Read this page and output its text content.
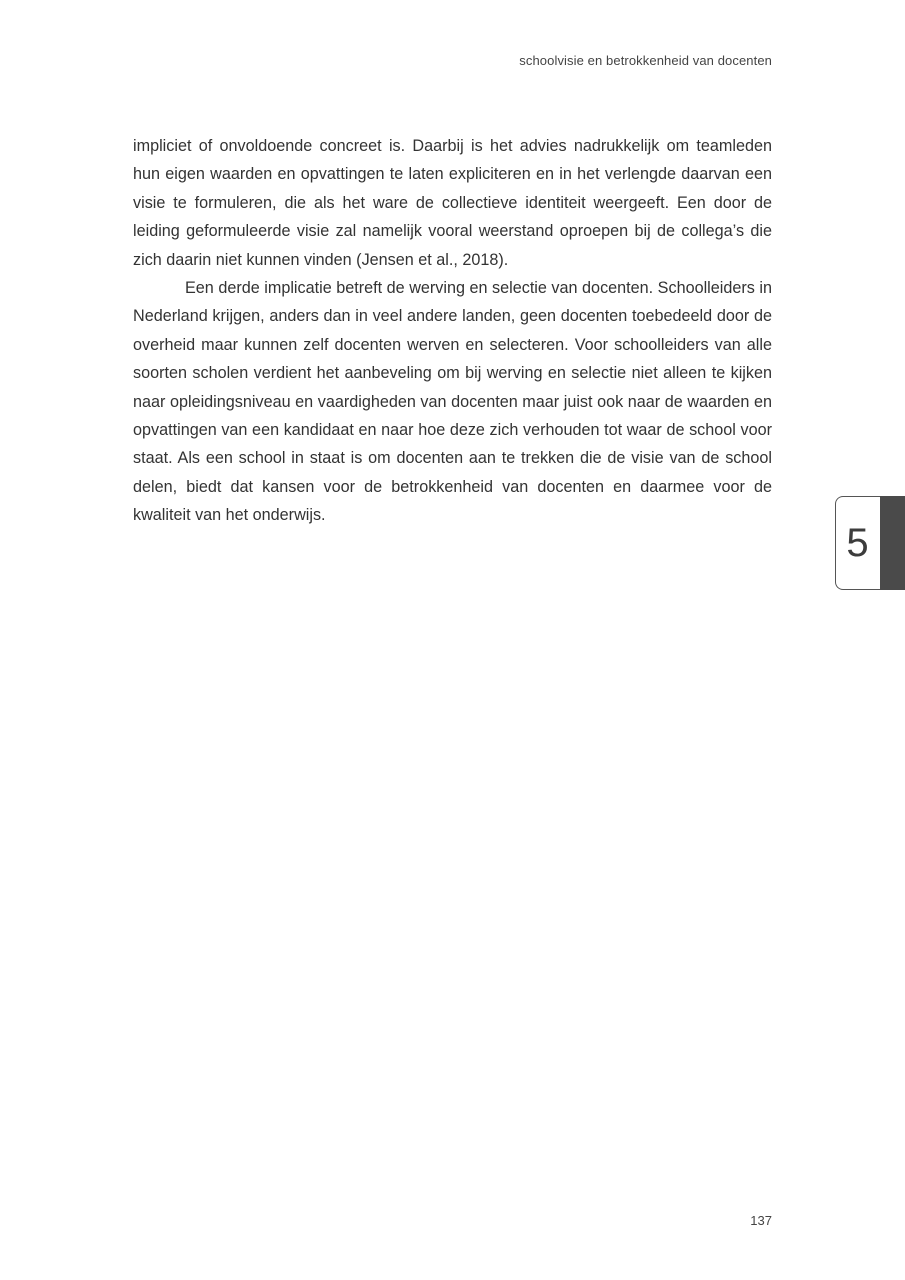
schoolvisie en betrokkenheid van docenten

impliciet of onvoldoende concreet is. Daarbij is het advies nadrukkelijk om teamleden hun eigen waarden en opvattingen te laten expliciteren en in het verlengde daarvan een visie te formuleren, die als het ware de collectieve identiteit weergeeft. Een door de leiding geformuleerde visie zal namelijk vooral weerstand oproepen bij de collega’s die zich daarin niet kunnen vinden (Jensen et al., 2018).

Een derde implicatie betreft de werving en selectie van docenten. Schoolleiders in Nederland krijgen, anders dan in veel andere landen, geen docenten toebedeeld door de overheid maar kunnen zelf docenten werven en selecteren. Voor schoolleiders van alle soorten scholen verdient het aanbeveling om bij werving en selectie niet alleen te kijken naar opleidingsniveau en vaardigheden van docenten maar juist ook naar de waarden en opvattingen van een kandidaat en naar hoe deze zich verhouden tot waar de school voor staat. Als een school in staat is om docenten aan te trekken die de visie van de school delen, biedt dat kansen voor de betrokkenheid van docenten en daarmee voor de kwaliteit van het onderwijs.

5
137
